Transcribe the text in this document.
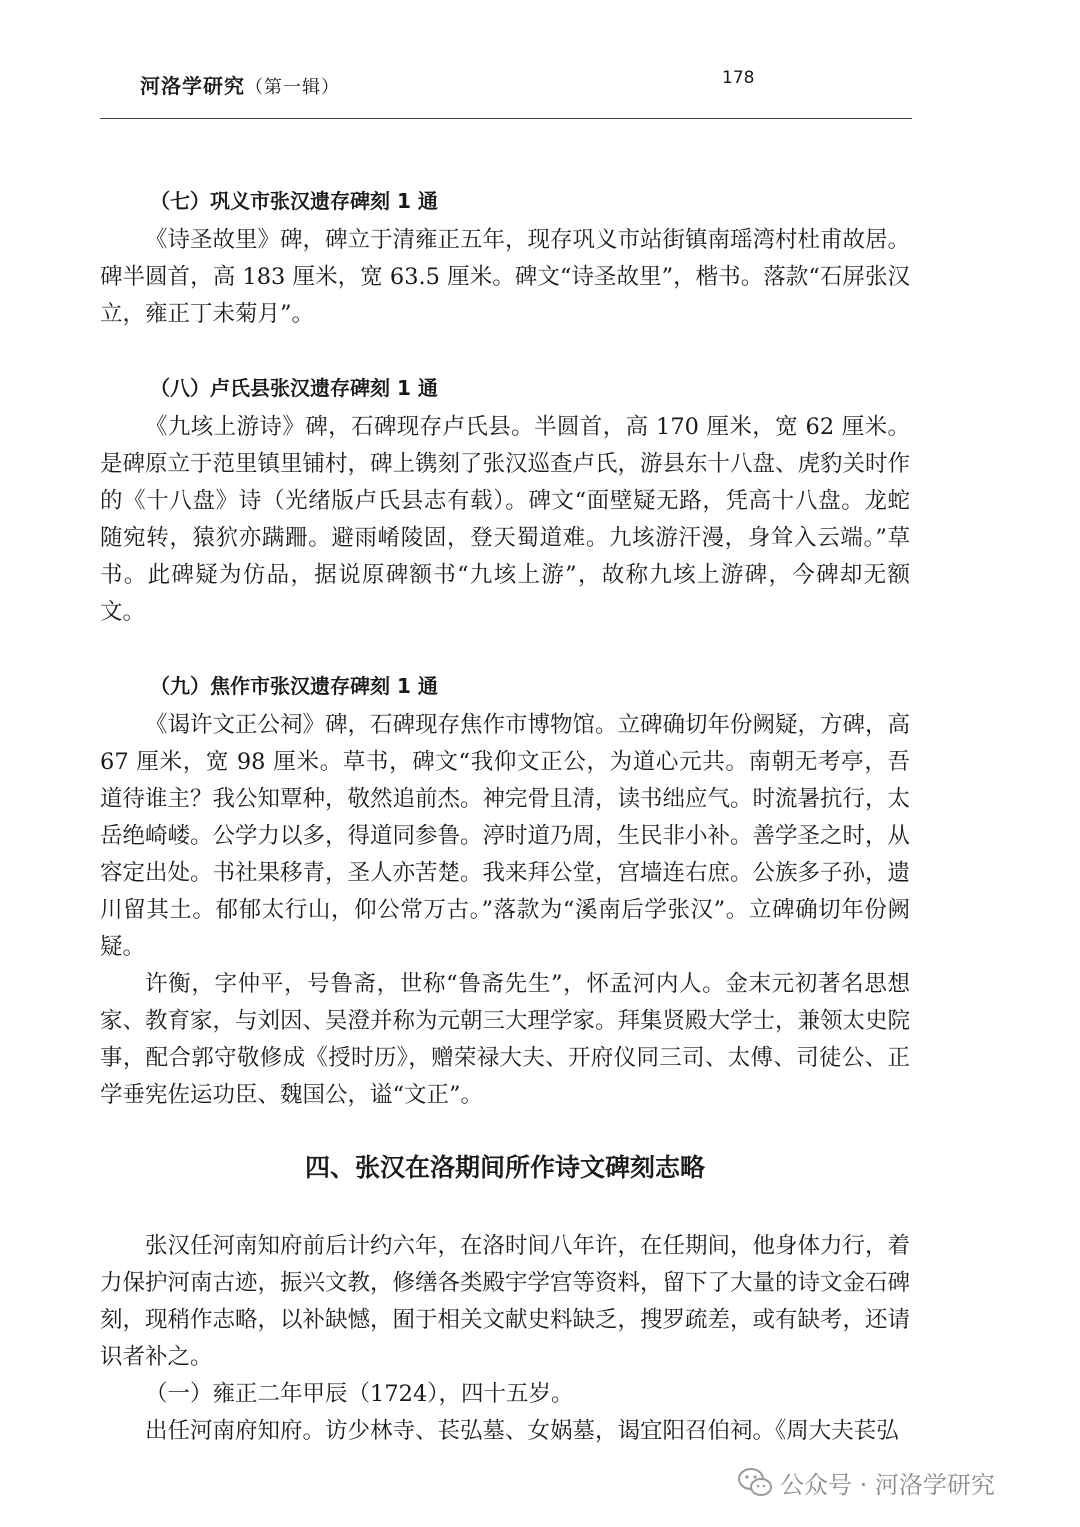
河洛学研究（第一辑）	178
（七）巩义市张汉遗存碑刻 1 通

《诗圣故里》碑，碑立于清雍正五年，现存巩义市站街镇南瑶湾村杜甫故居。碑半圆首，高 183 厘米，宽 63.5 厘米。碑文“诗圣故里”，楷书。落款“石屏张汉立，雍正丁未菊月”。

（八）卢氏县张汉遗存碑刻 1 通

《九垓上游诗》碑，石碑现存卢氏县。半圆首，高 170 厘米，宽 62 厘米。是碑原立于范里镇里铺村，碑上镌刻了张汉巡查卢氏，游县东十八盘、虎豹关时作的《十八盘》诗（光绪版卢氏县志有载）。碑文“面壁疑无路，凭高十八盘。龙蛇随宛转，猿狖亦蹒跚。避雨崤陵固，登天蜀道难。九垓游汗漫，身耸入云端。”草书。此碑疑为仿品，据说原碑额书“九垓上游”，故称九垓上游碑，今碑却无额文。

（九）焦作市张汉遗存碑刻 1 通

《谒许文正公祠》碑，石碑现存焦作市博物馆。立碑确切年份阙疑，方碑，高 67 厘米，宽 98 厘米。草书，碑文“我仰文正公，为道心元共。南朝无考亭，吾道待谁主？我公知覃种，敬然追前杰。神完骨且清，读书绌应气。时流暑抗行，太岳绝崎嵝。公学力以多，得道同参鲁。渟时道乃周，生民非小补。善学圣之时，从容定出处。书社果移青，圣人亦苦楚。我来拜公堂，宫墙连右庶。公族多子孙，遗川留其土。郁郁太行山，仰公常万古。”落款为“溪南后学张汉”。立碑确切年份阙疑。

许衡，字仲平，号鲁斋，世称“鲁斋先生”，怀孟河内人。金末元初著名思想家、教育家，与刘因、吴澄并称为元朝三大理学家。拜集贤殿大学士，兼领太史院事，配合郭守敬修成《授时历》，赠荣禄大夫、开府仪同三司、太傅、司徒公、正学垂宪佐运功臣、魏国公，谥“文正”。

四、张汉在洛期间所作诗文碑刻志略

张汉任河南知府前后计约六年，在洛时间八年许，在任期间，他身体力行，着力保护河南古迹，振兴文教，修缮各类殿宇学宫等资料，留下了大量的诗文金石碑刻，现稍作志略，以补缺憾，囿于相关文献史料缺乏，搜罗疏差，或有缺考，还请识者补之。

（一）雍正二年甲辰（1724），四十五岁。

出任河南府知府。访少林寺、苌弘墓、女娲墓，谒宜阳召伯祠。《周大夫苌弘

公众号 · 河洛学研究
